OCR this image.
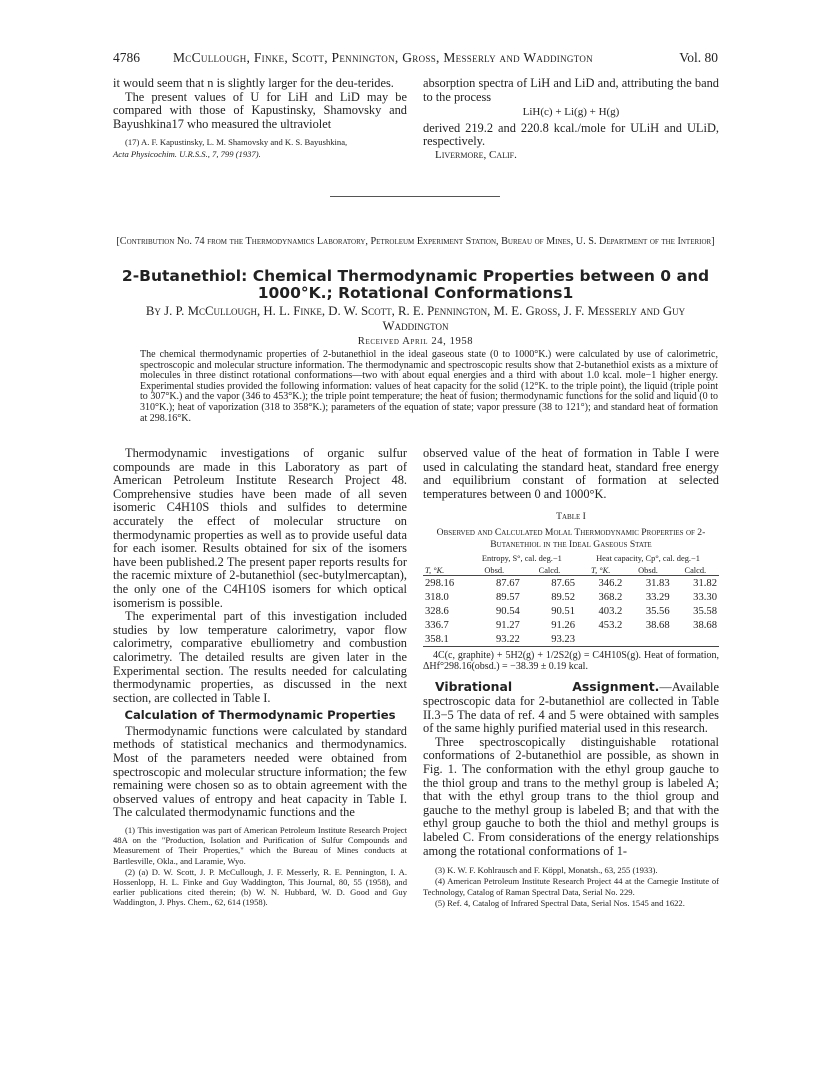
4786 McCullough, Finke, Scott, Pennington, Gross, Messerly and Waddington	Vol. 80

it would seem that n is slightly larger for the deu-terides.

The present values of U for LiH and LiD may be compared with those of Kapustinsky, Shamovsky and Bayushkina17 who measured the ultraviolet

(17) A. F. Kapustinsky, L. M. Shamovsky and K. S. Bayushkina,

Acta Physicochim. U.R.S.S., 7, 799 (1937).

absorption spectra of LiH and LiD and, attributing the band to the process

LiH(c) + Li(g) + H(g)

derived 219.2 and 220.8 kcal./mole for ULiH and ULiD, respectively.

Livermore, Calif.

[Contribution No. 74 from the Thermodynamics Laboratory, Petroleum Experiment Station, Bureau of Mines, U. S. Department of the Interior]
2-Butanethiol: Chemical Thermodynamic Properties between 0 and 1000°K.; Rotational Conformations1
By J. P. McCullough, H. L. Finke, D. W. Scott, R. E. Pennington, M. E. Gross, J. F. Messerly and Guy Waddington
Received April 24, 1958
The chemical thermodynamic properties of 2-butanethiol in the ideal gaseous state (0 to 1000°K.) were calculated by use of calorimetric, spectroscopic and molecular structure information. The thermodynamic and spectroscopic results show that 2-butanethiol exists as a mixture of molecules in three distinct rotational conformations—two with about equal energies and a third with about 1.0 kcal. mole−1 higher energy. Experimental studies provided the following information: values of heat capacity for the solid (12°K. to the triple point), the liquid (triple point to 307°K.) and the vapor (346 to 453°K.); the triple point temperature; the heat of fusion; thermodynamic functions for the solid and liquid (0 to 310°K.); heat of vaporization (318 to 358°K.); parameters of the equation of state; vapor pressure (38 to 121°); and standard heat of formation at 298.16°K.

Thermodynamic investigations of organic sulfur compounds are made in this Laboratory as part of American Petroleum Institute Research Project 48. Comprehensive studies have been made of all seven isomeric C4H10S thiols and sulfides to determine accurately the effect of molecular structure on thermodynamic properties as well as to provide useful data for each isomer. Results obtained for six of the isomers have been published.2 The present paper reports results for the racemic mixture of 2-butanethiol (sec-butylmercaptan), the only one of the C4H10S isomers for which optical isomerism is possible.

The experimental part of this investigation included studies by low temperature calorimetry, vapor flow calorimetry, comparative ebulliometry and combustion calorimetry. The detailed results are given later in the Experimental section. The results needed for calculating thermodynamic properties, as discussed in the next section, are collected in Table I.

Calculation of Thermodynamic Properties

Thermodynamic functions were calculated by standard methods of statistical mechanics and thermodynamics. Most of the parameters needed were obtained from spectroscopic and molecular structure information; the few remaining were chosen so as to obtain agreement with the observed values of entropy and heat capacity in Table I. The calculated thermodynamic functions and the

(1) This investigation was part of American Petroleum Institute Research Project 48A on the "Production, Isolation and Purification of Sulfur Compounds and Measurement of Their Properties," which the Bureau of Mines conducts at Bartlesville, Okla., and Laramie, Wyo.

(2) (a) D. W. Scott, J. P. McCullough, J. F. Messerly, R. E. Pennington, I. A. Hossenlopp, H. L. Finke and Guy Waddington, This Journal, 80, 55 (1958), and earlier publications cited therein; (b) W. N. Hubbard, W. D. Good and Guy Waddington, J. Phys. Chem., 62, 614 (1958).

observed value of the heat of formation in Table I were used in calculating the standard heat, standard free energy and equilibrium constant of formation at selected temperatures between 0 and 1000°K.

Table I
Observed and Calculated Molal Thermodynamic Properties of 2-Butanethiol in the Ideal Gaseous State
	Entropy, S°, cal. deg.−1		Heat capacity, Cp°, cal. deg.−1		
T, °K.	Obsd.	Calcd.	T, °K.	Obsd.	Calcd.
298.16	87.67	87.65	346.2	31.83	31.82
318.0	89.57	89.52	368.2	33.29	33.30
328.6	90.54	90.51	403.2	35.56	35.58
336.7	91.27	91.26	453.2	38.68	38.68
358.1	93.22	93.23			

4C(c, graphite) + 5H2(g) + 1/2S2(g) = C4H10S(g). Heat of formation, ΔHf°298.16(obsd.) = −38.39 ± 0.19 kcal.

Vibrational Assignment.—Available spectroscopic data for 2-butanethiol are collected in Table II.3−5 The data of ref. 4 and 5 were obtained with samples of the same highly purified material used in this research.

Three spectroscopically distinguishable rotational conformations of 2-butanethiol are possible, as shown in Fig. 1. The conformation with the ethyl group gauche to the thiol group and trans to the methyl group is labeled A; that with the ethyl group trans to the thiol group and gauche to the methyl group is labeled B; and that with the ethyl group gauche to both the thiol and methyl groups is labeled C. From considerations of the energy relationships among the rotational conformations of 1-

(3) K. W. F. Kohlrausch and F. Köppl, Monatsh., 63, 255 (1933).

(4) American Petroleum Institute Research Project 44 at the Carnegie Institute of Technology, Catalog of Raman Spectral Data, Serial No. 229.

(5) Ref. 4, Catalog of Infrared Spectral Data, Serial Nos. 1545 and 1622.
